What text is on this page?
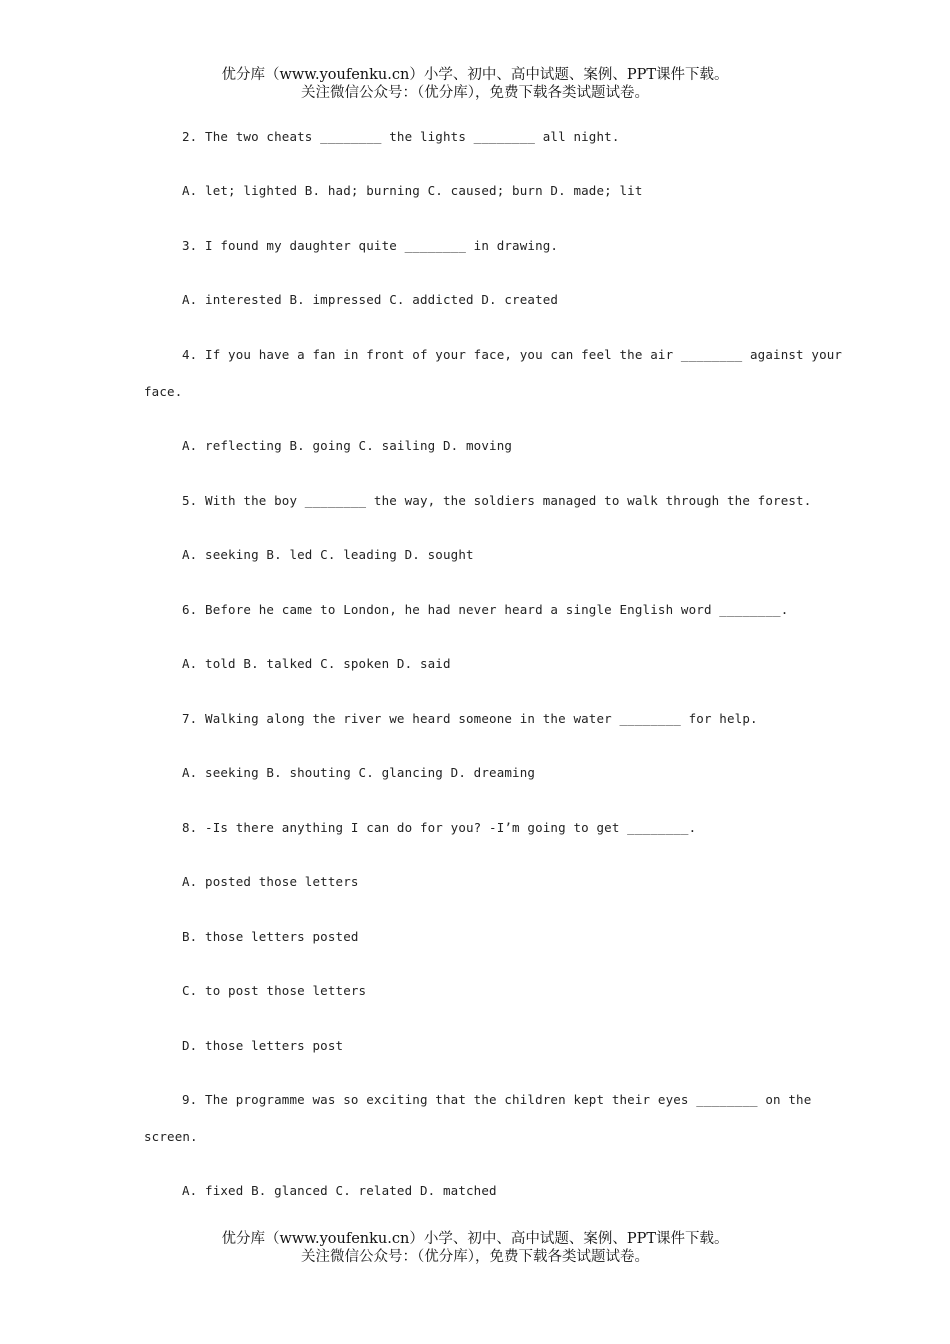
优分库（www.youfenku.cn）小学、初中、高中试题、案例、PPT课件下载。
关注微信公众号：（优分库），免费下载各类试题试卷。
2. The two cheats ________ the lights ________ all night.
A. let; lighted B. had; burning C. caused; burn D. made; lit
3. I found my daughter quite ________ in drawing.
A. interested B. impressed C. addicted D. created
4. If you have a fan in front of your face, you can feel the air ________ against your
face.
A. reflecting B. going C. sailing D. moving
5. With the boy ________ the way, the soldiers managed to walk through the forest.
A. seeking B. led C. leading D. sought
6. Before he came to London, he had never heard a single English word ________.
A. told B. talked C. spoken D. said
7. Walking along the river we heard someone in the water ________ for help.
A. seeking B. shouting C. glancing D. dreaming
8. -Is there anything I can do for you? -I’m going to get ________.
A. posted those letters
B. those letters posted
C. to post those letters
D. those letters post
9. The programme was so exciting that the children kept their eyes ________ on the
screen.
A. fixed B. glanced C. related D. matched
优分库（www.youfenku.cn）小学、初中、高中试题、案例、PPT课件下载。
关注微信公众号：（优分库），免费下载各类试题试卷。
